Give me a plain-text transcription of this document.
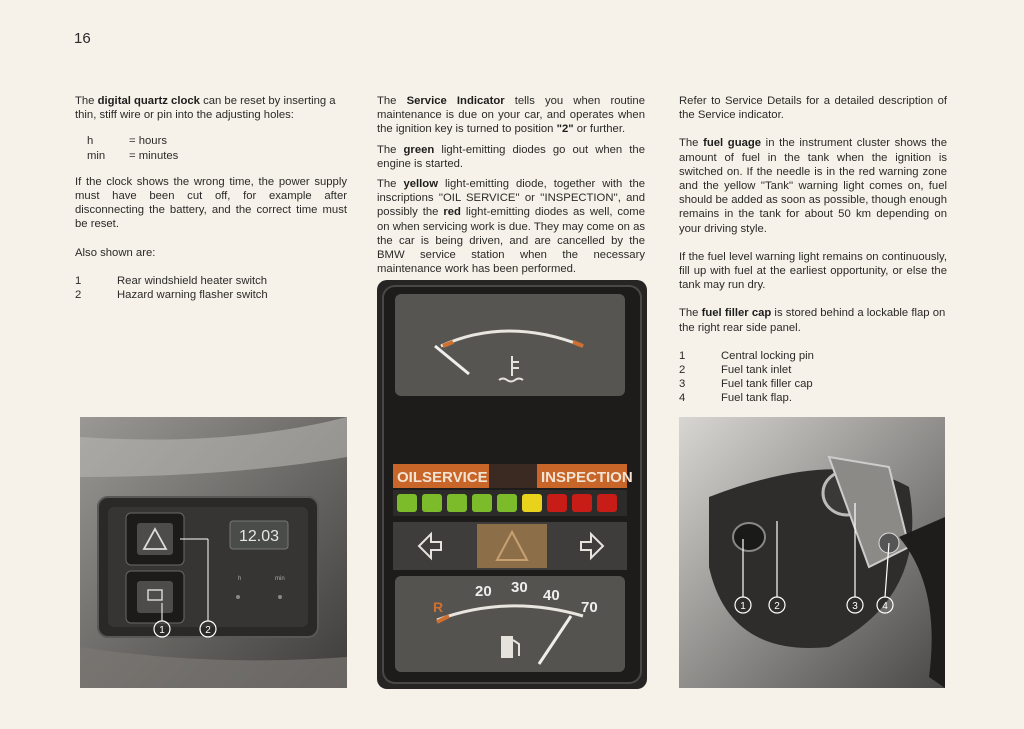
16

The digital quartz clock can be reset by inserting a thin, stiff wire or pin into the adjusting holes:

h	= hours
min	= minutes

If the clock shows the wrong time, the power supply must have been cut off, for example after disconnecting the battery, and the correct time must be reset.

Also shown are:

1	Rear windshield heater switch
2	Hazard warning flasher switch

The Service Indicator tells you when routine maintenance is due on your car, and operates when the ignition key is turned to position "2" or further.

The green light-emitting diodes go out when the engine is started.

The yellow light-emitting diode, together with the inscriptions ''OIL SERVICE'' or ''INSPECTION'', and possibly the red light-emitting diodes as well, come on when servicing work is due. They may come on as the car is being driven, and are cancelled by the BMW service station when the necessary maintenance work has been performed.

Refer to Service Details for a detailed description of the Service indicator.

The fuel guage in the instrument cluster shows the amount of fuel in the tank when the ignition is switched on. If the needle is in the red warning zone and the yellow ''Tank'' warning light comes on, fuel should be added as soon as possible, though enough remains in the tank for about 50 km depending on your driving style.

If the fuel level warning light remains on continuously, fill up with fuel at the earliest opportunity, or else the tank may run dry.

The fuel filler cap is stored behind a lockable flap on the right rear side panel.

1	Central locking pin
2	Fuel tank inlet
3	Fuel tank filler cap
4	Fuel tank flap.
12.03
h	min
1	2
OILSERVICE	INSPECTION
R
20 30 40
70	1	2	3 4
